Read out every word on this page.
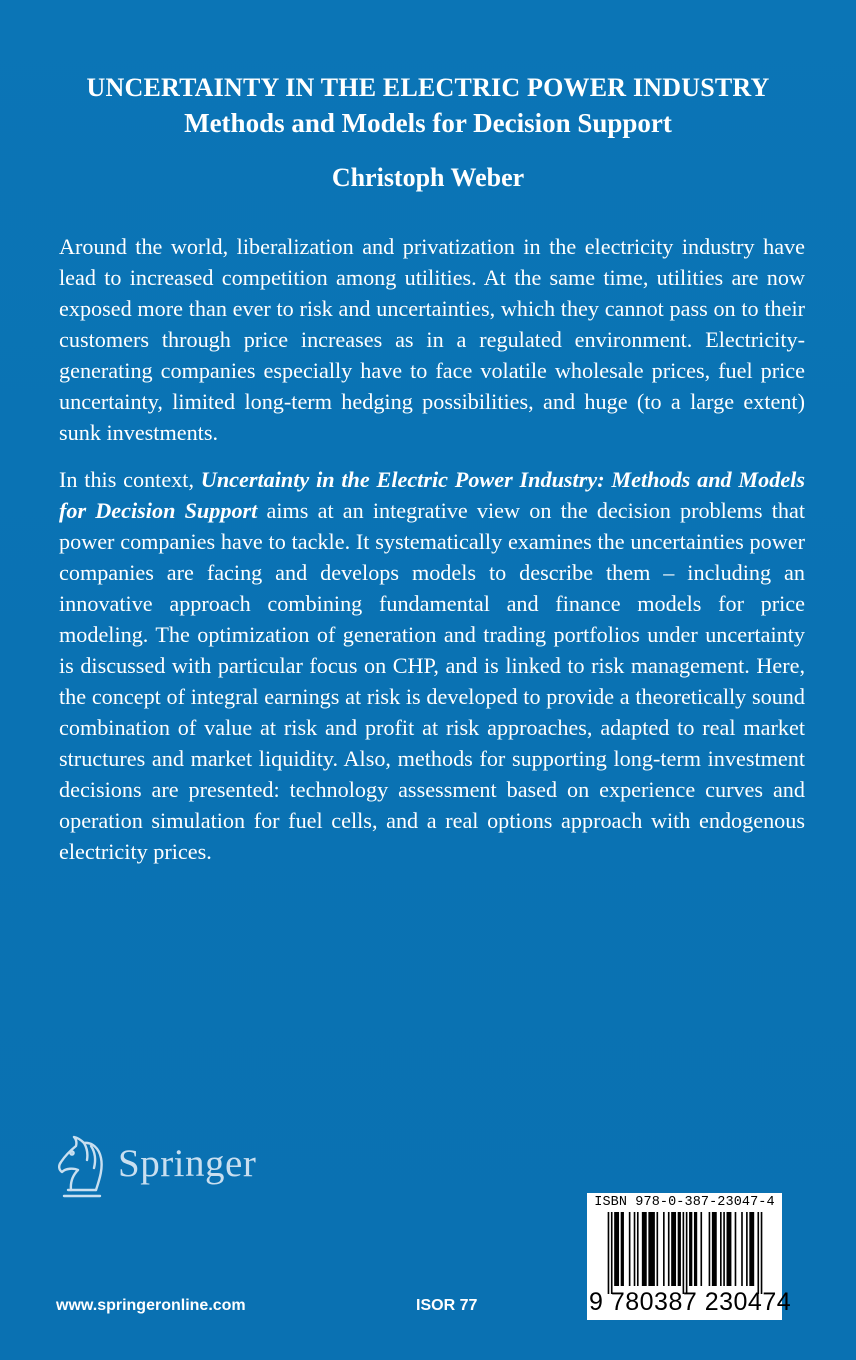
UNCERTAINTY IN THE ELECTRIC POWER INDUSTRY
Methods and Models for Decision Support
Christoph Weber

Around the world, liberalization and privatization in the electricity industry have lead to increased competition among utilities. At the same time, utilities are now exposed more than ever to risk and uncertainties, which they cannot pass on to their customers through price increases as in a regulated environment. Electricity-generating companies especially have to face volatile wholesale prices, fuel price uncertainty, limited long-term hedging possibilities, and huge (to a large extent) sunk investments.

In this context, Uncertainty in the Electric Power Industry: Methods and Models for Decision Support aims at an integrative view on the decision problems that power companies have to tackle. It systematically examines the uncertainties power companies are facing and develops models to describe them – including an innovative approach combining fundamental and finance models for price modeling. The optimization of generation and trading portfolios under uncertainty is discussed with particular focus on CHP, and is linked to risk management. Here, the concept of integral earnings at risk is developed to provide a theoretically sound combination of value at risk and profit at risk approaches, adapted to real market structures and market liquidity. Also, methods for supporting long-term investment decisions are presented: technology assessment based on experience curves and operation simulation for fuel cells, and a real options approach with endogenous electricity prices.

Springer
www.springeronline.com	ISOR 77
ISBN 978-0-387-23047-4
9 780387 230474
